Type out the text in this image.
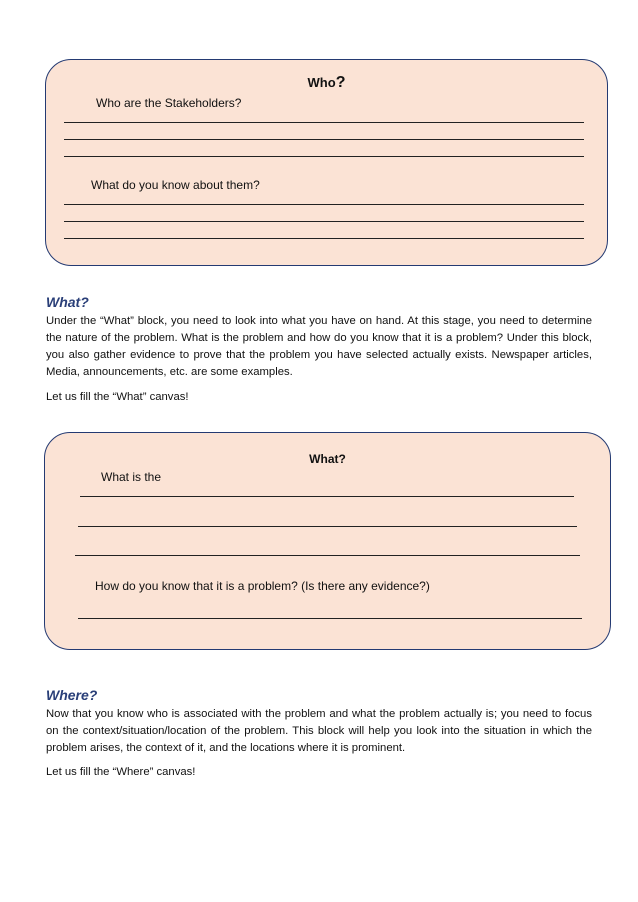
Who?
Who are the Stakeholders?
What do you know about them?
What?
Under the “What” block, you need to look into what you have on hand. At this stage, you need to determine the nature of the problem. What is the problem and how do you know that it is a problem? Under this block, you also gather evidence to prove that the problem you have selected actually exists. Newspaper articles, Media, announcements, etc. are some examples.
Let us fill the “What” canvas!
What?
What is the
How do you know that it is a problem? (Is there any evidence?)
Where?
Now that you know who is associated with the problem and what the problem actually is; you need to focus on the context/situation/location of the problem. This block will help you look into the situation in which the problem arises, the context of it, and the locations where it is prominent.
Let us fill the “Where” canvas!
